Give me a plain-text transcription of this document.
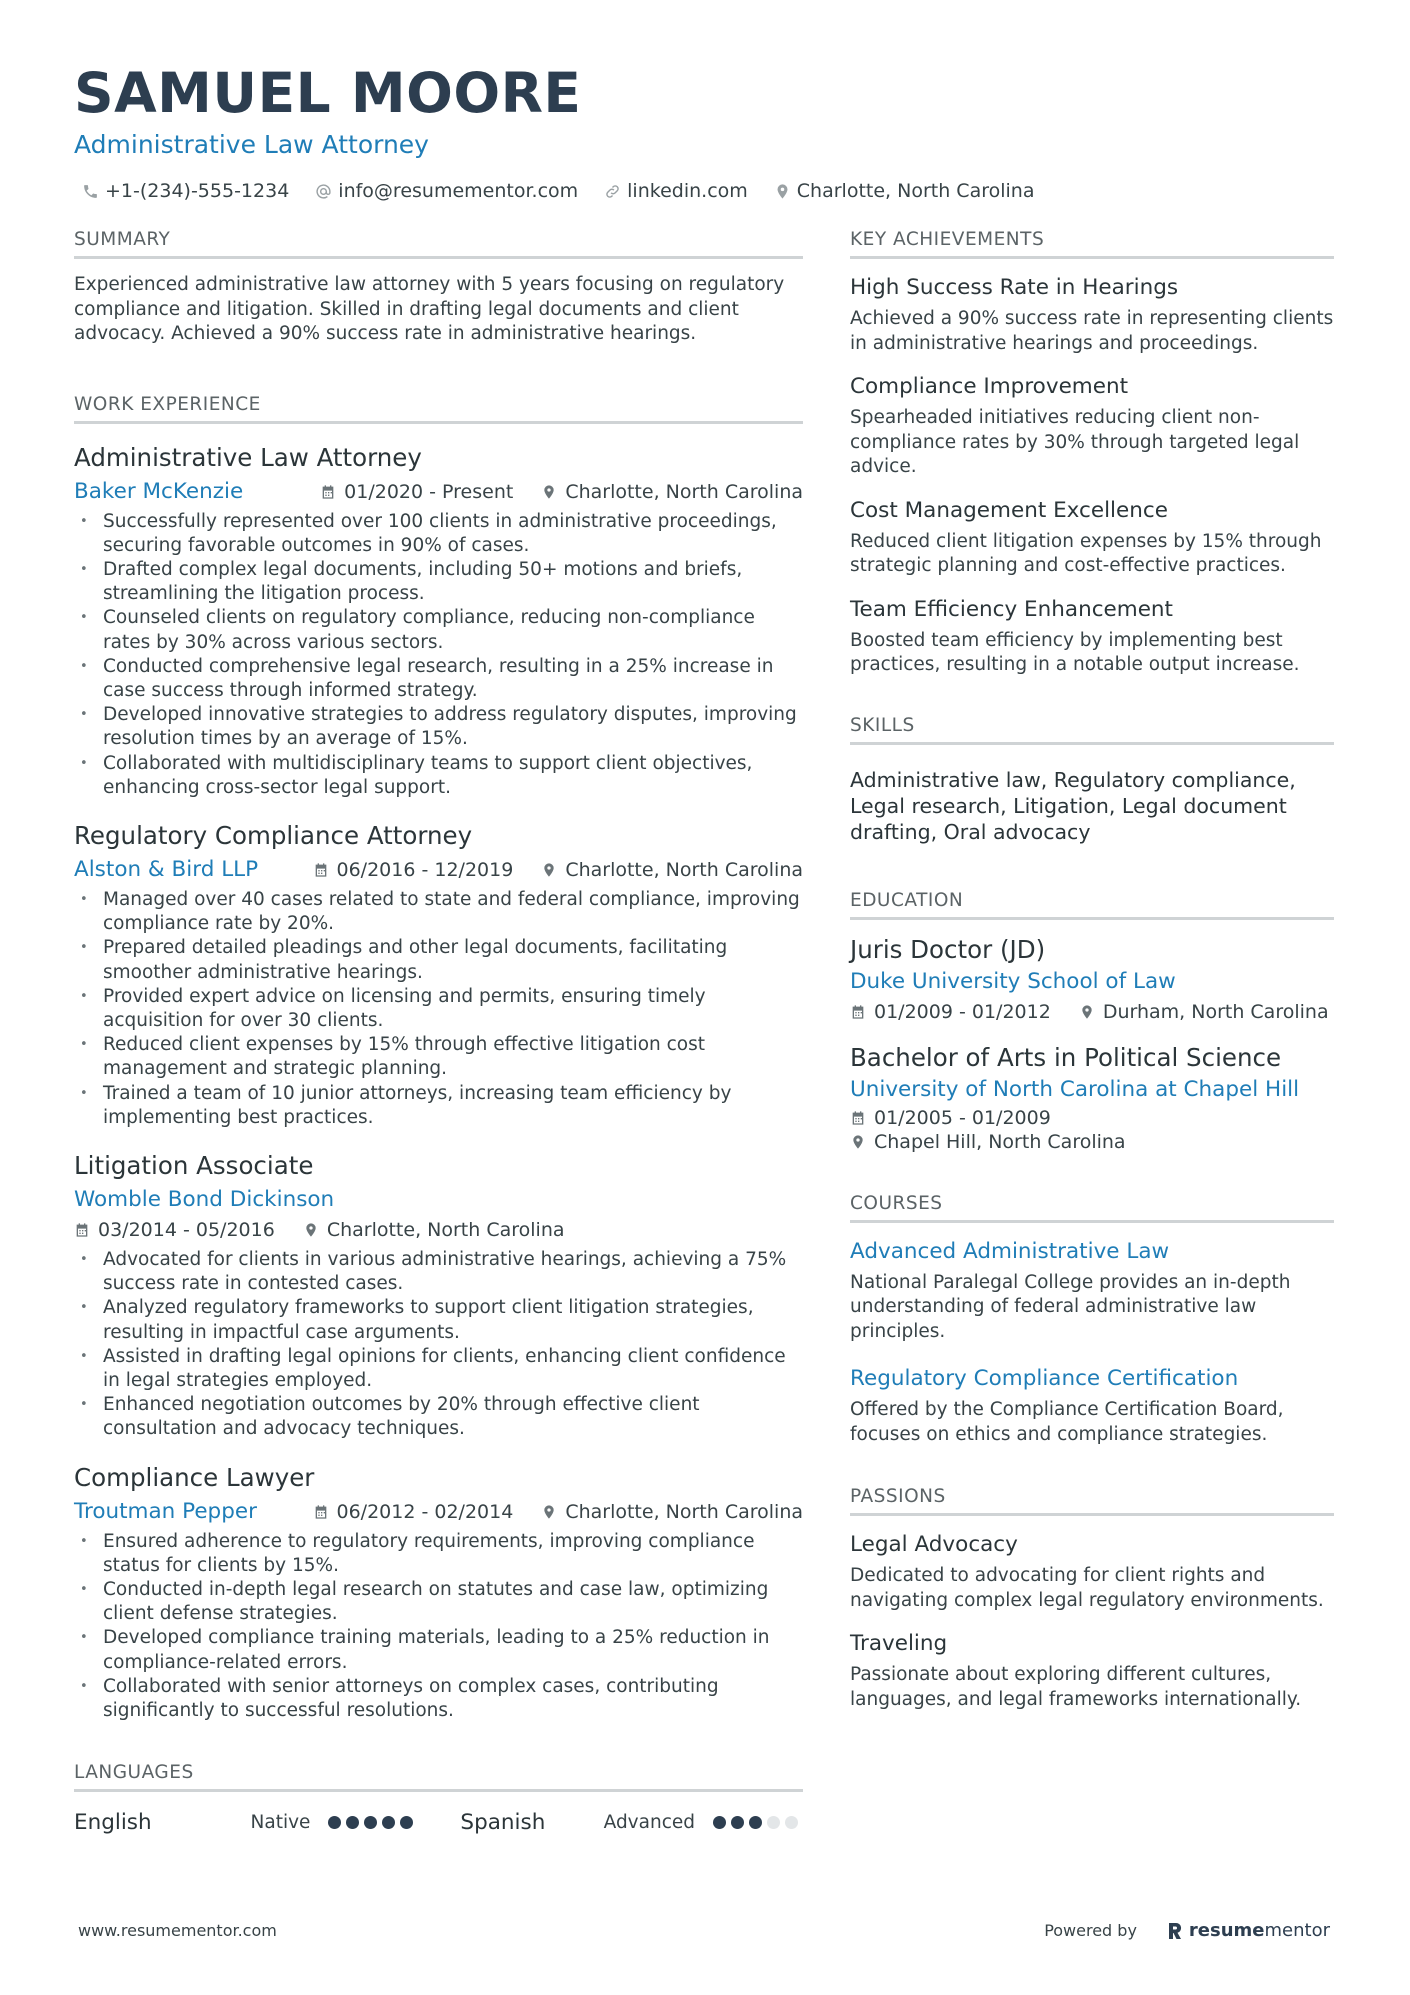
SAMUEL MOORE
Administrative Law Attorney
+1-(234)-555-1234	info@resumementor.com	linkedin.com	Charlotte, North Carolina
SUMMARY

Experienced administrative law attorney with 5 years focusing on regulatory compliance and litigation. Skilled in drafting legal documents and client advocacy. Achieved a 90% success rate in administrative hearings.

WORK EXPERIENCE
Administrative Law Attorney
Baker McKenzie	01/2020 - Present	Charlotte, North Carolina
• Successfully represented over 100 clients in administrative proceedings, securing favorable outcomes in 90% of cases.
• Drafted complex legal documents, including 50+ motions and briefs, streamlining the litigation process.
• Counseled clients on regulatory compliance, reducing non-compliance rates by 30% across various sectors.
• Conducted comprehensive legal research, resulting in a 25% increase in case success through informed strategy.
• Developed innovative strategies to address regulatory disputes, improving resolution times by an average of 15%.
• Collaborated with multidisciplinary teams to support client objectives, enhancing cross-sector legal support.
Regulatory Compliance Attorney
Alston & Bird LLP	06/2016 - 12/2019	Charlotte, North Carolina
• Managed over 40 cases related to state and federal compliance, improving compliance rate by 20%.
• Prepared detailed pleadings and other legal documents, facilitating smoother administrative hearings.
• Provided expert advice on licensing and permits, ensuring timely acquisition for over 30 clients.
• Reduced client expenses by 15% through effective litigation cost management and strategic planning.
• Trained a team of 10 junior attorneys, increasing team efficiency by implementing best practices.
Litigation Associate
Womble Bond Dickinson
03/2014 - 05/2016	Charlotte, North Carolina
• Advocated for clients in various administrative hearings, achieving a 75% success rate in contested cases.
• Analyzed regulatory frameworks to support client litigation strategies, resulting in impactful case arguments.
• Assisted in drafting legal opinions for clients, enhancing client confidence in legal strategies employed.
• Enhanced negotiation outcomes by 20% through effective client consultation and advocacy techniques.
Compliance Lawyer
Troutman Pepper	06/2012 - 02/2014	Charlotte, North Carolina
• Ensured adherence to regulatory requirements, improving compliance status for clients by 15%.
• Conducted in-depth legal research on statutes and case law, optimizing client defense strategies.
• Developed compliance training materials, leading to a 25% reduction in compliance-related errors.
• Collaborated with senior attorneys on complex cases, contributing significantly to successful resolutions.
LANGUAGES
English	Native	Spanish	Advanced
KEY ACHIEVEMENTS
High Success Rate in Hearings
Achieved a 90% success rate in representing clients in administrative hearings and proceedings.
Compliance Improvement
Spearheaded initiatives reducing client non-compliance rates by 30% through targeted legal advice.
Cost Management Excellence
Reduced client litigation expenses by 15% through strategic planning and cost-effective practices.
Team Efficiency Enhancement
Boosted team efficiency by implementing best practices, resulting in a notable output increase.
SKILLS
Administrative law, Regulatory compliance, Legal research, Litigation, Legal document drafting, Oral advocacy
EDUCATION
Juris Doctor (JD)
Duke University School of Law
01/2009 - 01/2012	Durham, North Carolina
Bachelor of Arts in Political Science
University of North Carolina at Chapel Hill
01/2005 - 01/2009
Chapel Hill, North Carolina
COURSES
Advanced Administrative Law
National Paralegal College provides an in-depth understanding of federal administrative law principles.
Regulatory Compliance Certification
Offered by the Compliance Certification Board, focuses on ethics and compliance strategies.
PASSIONS
Legal Advocacy
Dedicated to advocating for client rights and navigating complex legal regulatory environments.
Traveling
Passionate about exploring different cultures, languages, and legal frameworks internationally.
www.resumementor.com	Powered by	resume mentor
